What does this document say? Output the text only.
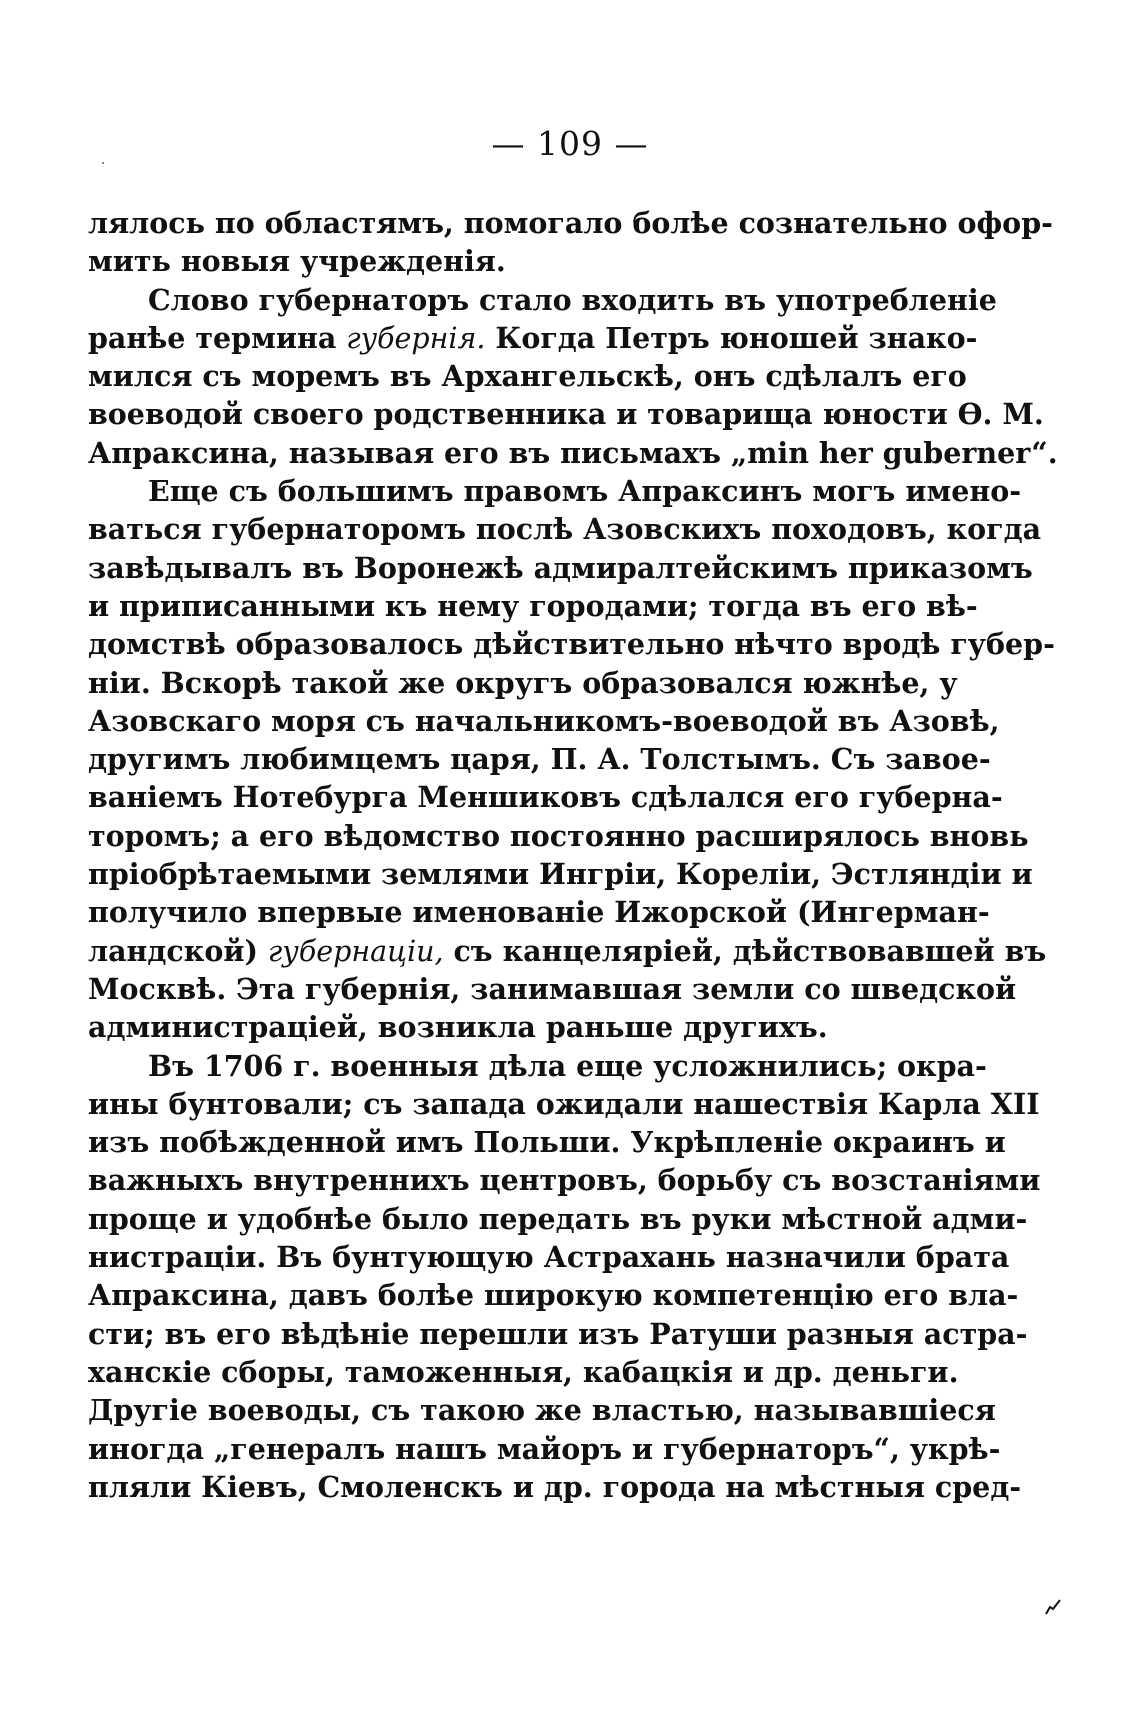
— 109 —
лялось по областямъ, помогало болѣе сознательно офор-
мить новыя учрежденія.
Слово губернаторъ стало входить въ употребленіе
ранѣе термина губернія. Когда Петръ юношей знако-
мился съ моремъ въ Архангельскѣ, онъ сдѣлалъ его
воеводой своего родственника и товарища юности Ѳ. М.
Апраксина, называя его въ письмахъ „min her guberner“.
Еще съ большимъ правомъ Апраксинъ могъ имено-
ваться губернаторомъ послѣ Азовскихъ походовъ, когда
завѣдывалъ въ Воронежѣ адмиралтейскимъ приказомъ
и приписанными къ нему городами; тогда въ его вѣ-
домствѣ образовалось дѣйствительно нѣчто вродѣ губер-
ніи. Вскорѣ такой же округъ образовался южнѣе, у
Азовскаго моря съ начальникомъ-воеводой въ Азовѣ,
другимъ любимцемъ царя, П. А. Толстымъ. Съ завое-
ваніемъ Нотебурга Меншиковъ сдѣлался его губерна-
торомъ; а его вѣдомство постоянно расширялось вновь
пріобрѣтаемыми землями Ингріи, Кореліи, Эстляндіи и
получило впервые именованіе Ижорской (Ингерман-
ландской) губернаціи, съ канцеляріей, дѣйствовавшей въ
Москвѣ. Эта губернія, занимавшая земли со шведской
администраціей, возникла раньше другихъ.
Въ 1706 г. военныя дѣла еще усложнились; окра-
ины бунтовали; съ запада ожидали нашествія Карла XII
изъ побѣжденной имъ Польши. Укрѣпленіе окраинъ и
важныхъ внутреннихъ центровъ, борьбу съ возстаніями
проще и удобнѣе было передать въ руки мѣстной адми-
нистраціи. Въ бунтующую Астрахань назначили брата
Апраксина, давъ болѣе широкую компетенцію его вла-
сти; въ его вѣдѣніе перешли изъ Ратуши разныя астра-
ханскіе сборы, таможенныя, кабацкія и др. деньги.
Другіе воеводы, съ такою же властью, называвшіеся
иногда „генералъ нашъ майоръ и губернаторъ“, укрѣ-
пляли Кіевъ, Смоленскъ и др. города на мѣстныя сред-
